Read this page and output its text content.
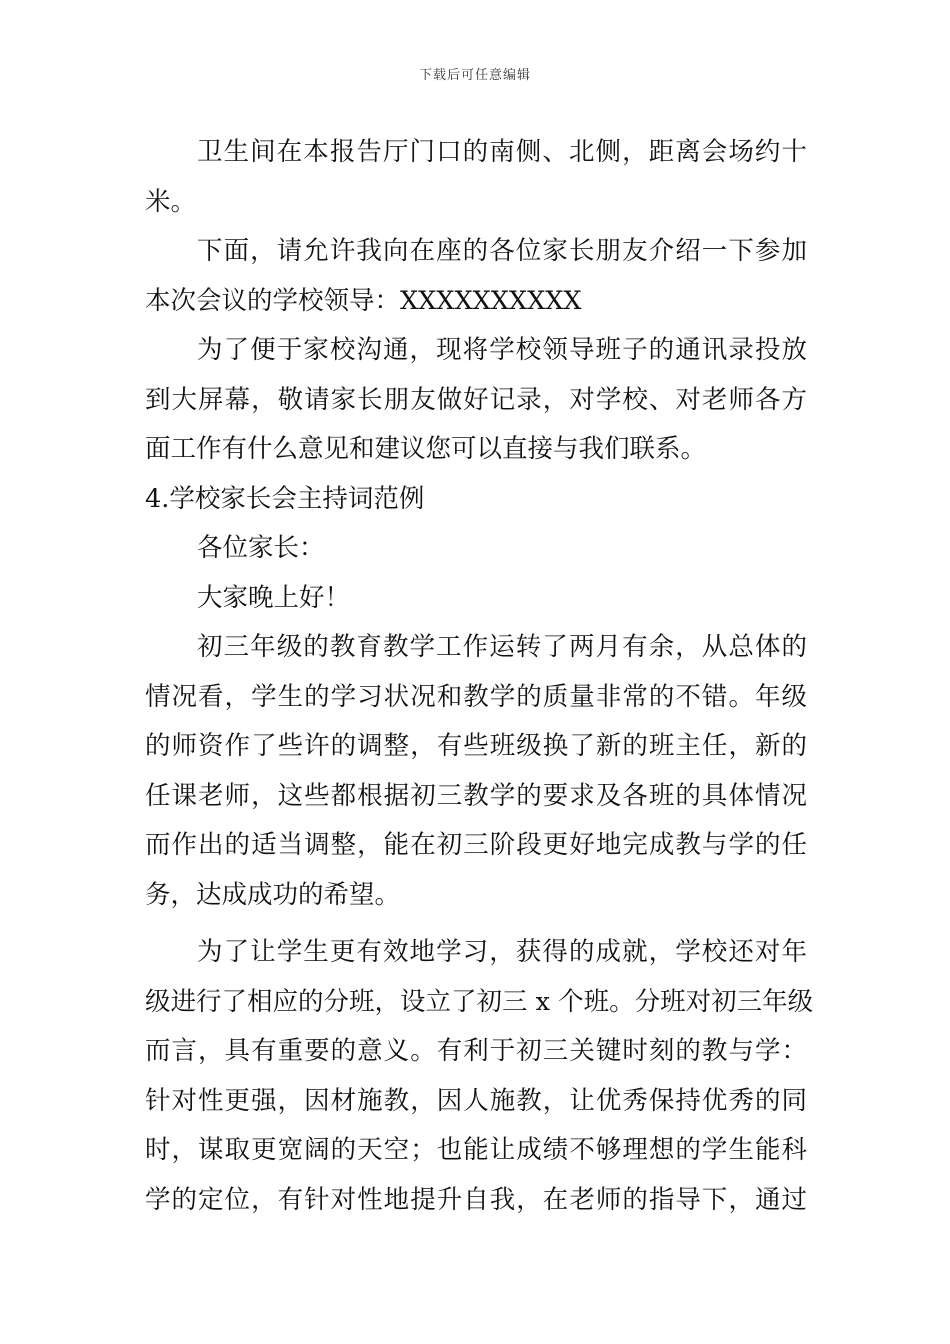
下载后可任意编辑
卫生间在本报告厅门口的南侧、北侧，距离会场约十
米。
下面，请允许我向在座的各位家长朋友介绍一下参加
本次会议的学校领导：XXXXXXXXXX
为了便于家校沟通，现将学校领导班子的通讯录投放
到大屏幕，敬请家长朋友做好记录，对学校、对老师各方
面工作有什么意见和建议您可以直接与我们联系。
4.学校家长会主持词范例
各位家长：
大家晚上好！
初三年级的教育教学工作运转了两月有余，从总体的
情况看，学生的学习状况和教学的质量非常的不错。年级
的师资作了些许的调整，有些班级换了新的班主任，新的
任课老师，这些都根据初三教学的要求及各班的具体情况
而作出的适当调整，能在初三阶段更好地完成教与学的任
务，达成成功的希望。
为了让学生更有效地学习，获得的成就，学校还对年
级进行了相应的分班，设立了初三 x 个班。分班对初三年级
而言，具有重要的意义。有利于初三关键时刻的教与学：
针对性更强，因材施教，因人施教，让优秀保持优秀的同
时，谋取更宽阔的天空；也能让成绩不够理想的学生能科
学的定位，有针对性地提升自我，在老师的指导下，通过
